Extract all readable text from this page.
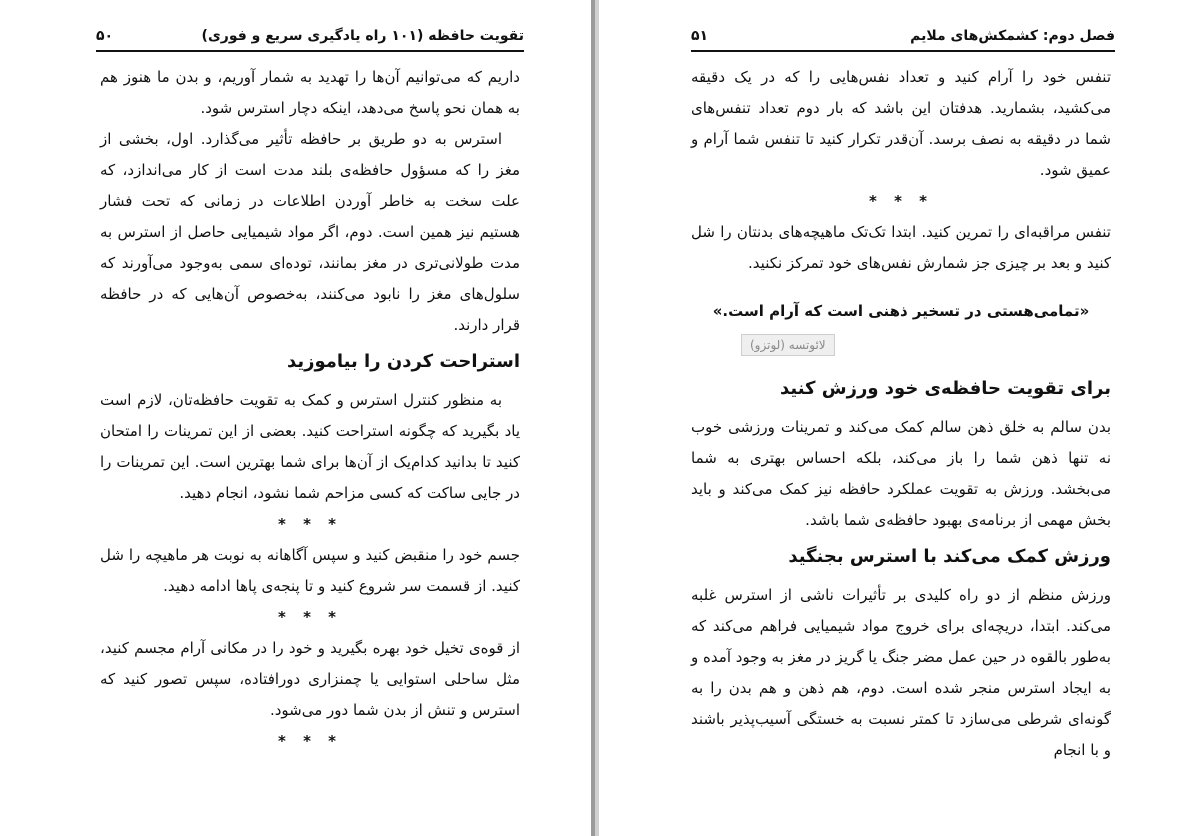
تقویت حافظه (۱۰۱ راه یادگیری سریع و فوری)
۵۰

داریم که می‌توانیم آن‌ها را تهدید به شمار آوریم، و بدن ما هنوز هم به همان نحو پاسخ می‌دهد، اینکه دچار استرس شود.

استرس به دو طریق بر حافظه تأثیر می‌گذارد. اول، بخشی از مغز را که مسؤول حافظه‌ی بلند مدت است از کار می‌اندازد، که علت سخت به خاطر آوردن اطلاعات در زمانی که تحت فشار هستیم نیز همین است. دوم، اگر مواد شیمیایی حاصل از استرس به مدت طولانی‌تری در مغز بمانند، توده‌ای سمی به‌وجود می‌آورند که سلول‌های مغز را نابود می‌کنند، به‌خصوص آن‌هایی که در حافظه قرار دارند.

استراحت کردن را بیاموزید

به منظور کنترل استرس و کمک به تقویت حافظه‌تان، لازم است یاد بگیرید که چگونه استراحت کنید. بعضی از این تمرینات را امتحان کنید تا بدانید کدام‌یک از آن‌ها برای شما بهترین است. این تمرینات را در جایی ساکت که کسی مزاحم شما نشود، انجام دهید.

* * *

جسم خود را منقبض کنید و سپس آگاهانه به نوبت هر ماهیچه را شل کنید. از قسمت سر شروع کنید و تا پنجه‌ی پاها ادامه دهید.

* * *

از قوه‌ی تخیل خود بهره بگیرید و خود را در مکانی آرام مجسم کنید، مثل ساحلی استوایی یا چمنزاری دورافتاده، سپس تصور کنید که استرس و تنش از بدن شما دور می‌شود.

* * *

فصل دوم: کشمکش‌های ملایم
۵۱

تنفس خود را آرام کنید و تعداد نفس‌هایی را که در یک دقیقه می‌کشید، بشمارید. هدفتان این باشد که بار دوم تعداد تنفس‌های شما در دقیقه به نصف برسد. آن‌قدر تکرار کنید تا تنفس شما آرام و عمیق شود.

* * *

تنفس مراقبه‌ای را تمرین کنید. ابتدا تک‌تک ماهیچه‌های بدنتان را شل کنید و بعد بر چیزی جز شمارش نفس‌های خود تمرکز نکنید.

«تمامی‌هستی در تسخیر ذهنی است که آرام است.»

لائوتسه (لوتزو)
برای تقویت حافظه‌ی خود ورزش کنید

بدن سالم به خلق ذهن سالم کمک می‌کند و تمرینات ورزشی خوب نه تنها ذهن شما را باز می‌کند، بلکه احساس بهتری به شما می‌بخشد. ورزش به تقویت عملکرد حافظه نیز کمک می‌کند و باید بخش مهمی از برنامه‌ی بهبود حافظه‌ی شما باشد.

ورزش کمک می‌کند با استرس بجنگید

ورزش منظم از دو راه کلیدی بر تأثیرات ناشی از استرس غلبه می‌کند. ابتدا، دریچه‌ای برای خروج مواد شیمیایی فراهم می‌کند که به‌طور بالقوه در حین عمل مضر جنگ یا گریز در مغز به وجود آمده و به ایجاد استرس منجر شده است. دوم، هم ذهن و هم بدن را به گونه‌ای شرطی می‌سازد تا کمتر نسبت به خستگی آسیب‌پذیر باشند و با انجام
